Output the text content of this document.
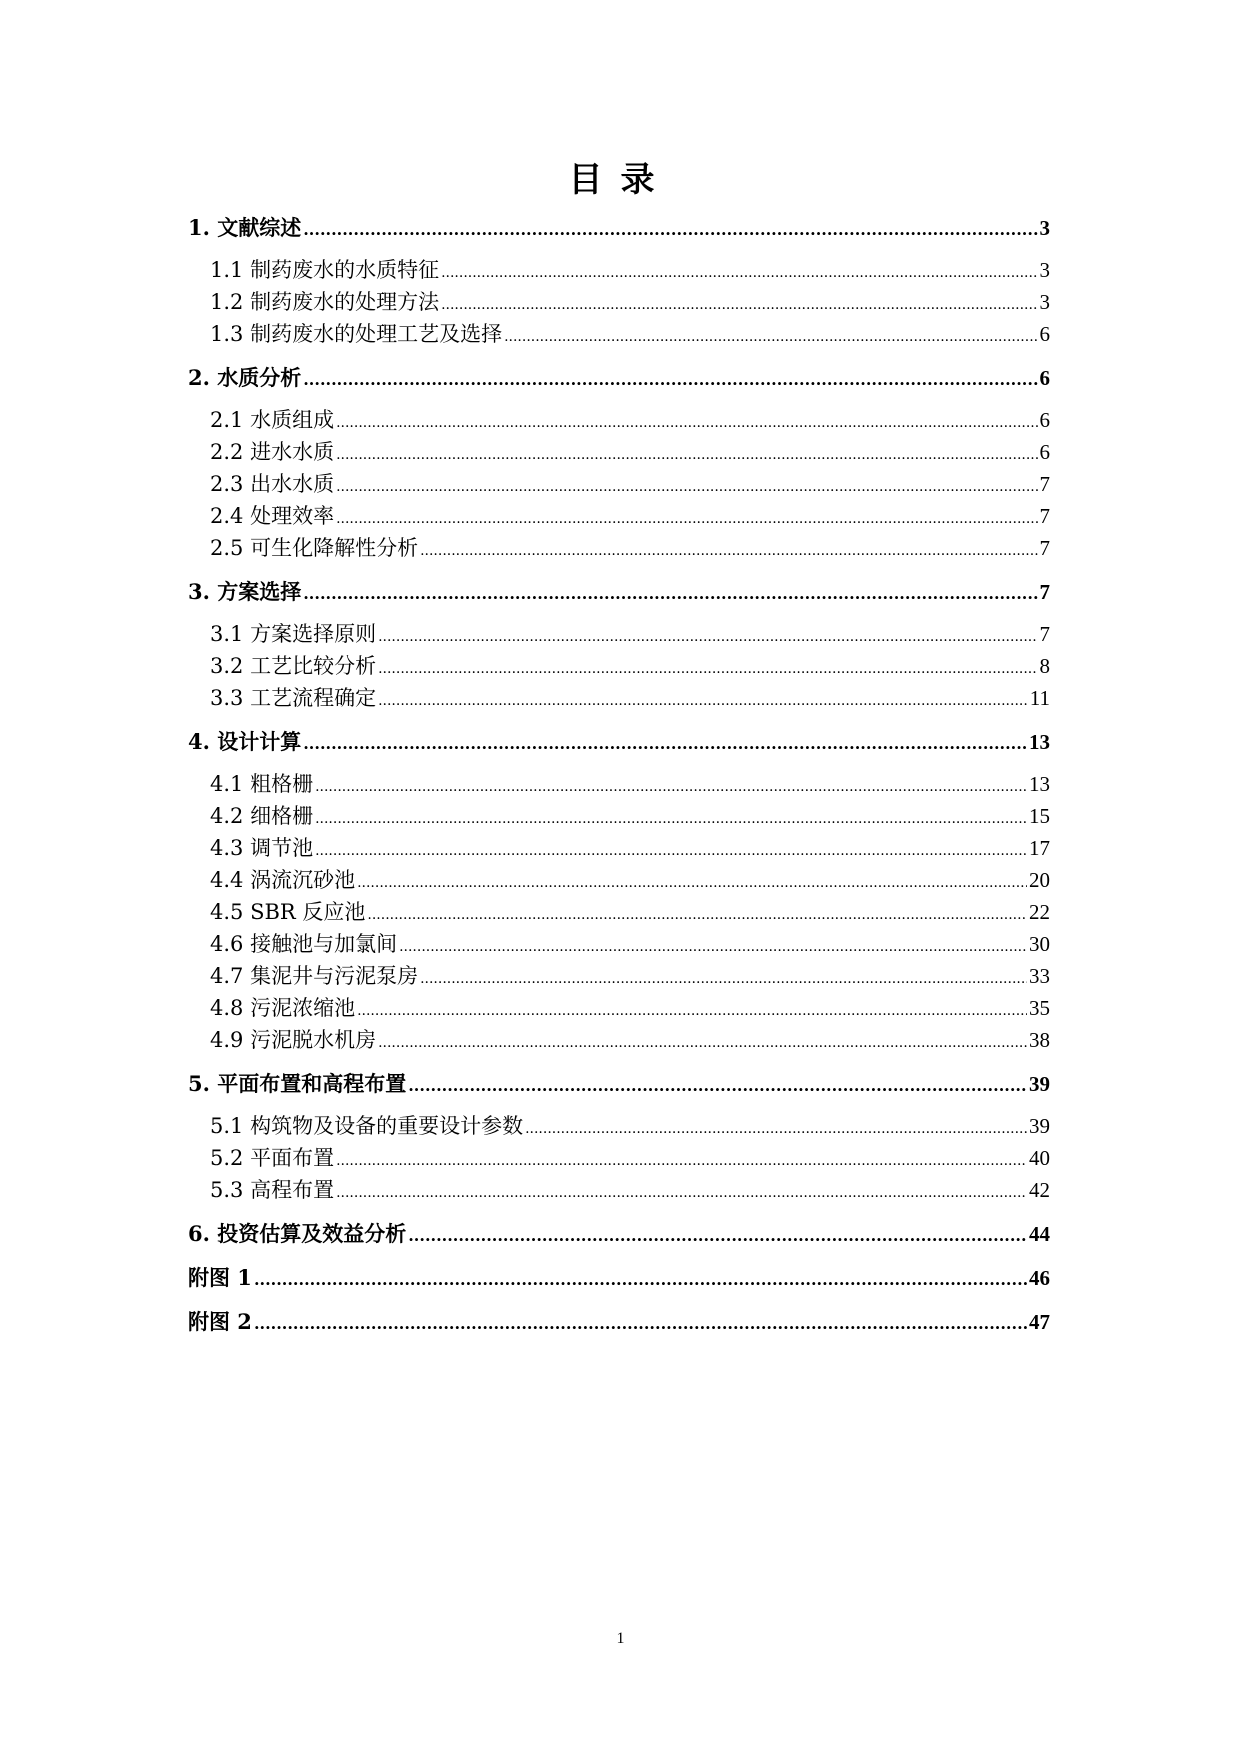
目录
1. 文献综述 .....	3
1.1 制药废水的水质特征 .....	3
1.2 制药废水的处理方法 .....	3
1.3 制药废水的处理工艺及选择 .....	6
2. 水质分析 .....	6
2.1 水质组成 .....	6
2.2 进水水质 .....	6
2.3 出水水质 .....	7
2.4 处理效率 .....	7
2.5 可生化降解性分析 .....	7
3. 方案选择 .....	7
3.1 方案选择原则 .....	7
3.2 工艺比较分析 .....	8
3.3 工艺流程确定 .....	11
4. 设计计算 .....	13
4.1 粗格栅 .....	13
4.2 细格栅 .....	15
4.3 调节池 .....	17
4.4 涡流沉砂池 .....	20
4.5 SBR 反应池 .....	22
4.6 接触池与加氯间 .....	30
4.7 集泥井与污泥泵房 .....	33
4.8 污泥浓缩池 .....	35
4.9 污泥脱水机房 .....	38
5. 平面布置和高程布置 .....	39
5.1 构筑物及设备的重要设计参数 .....	39
5.2 平面布置 .....	40
5.3 高程布置 .....	42
6. 投资估算及效益分析 .....	44
附图 1 .....	46
附图 2 .....	47
1
